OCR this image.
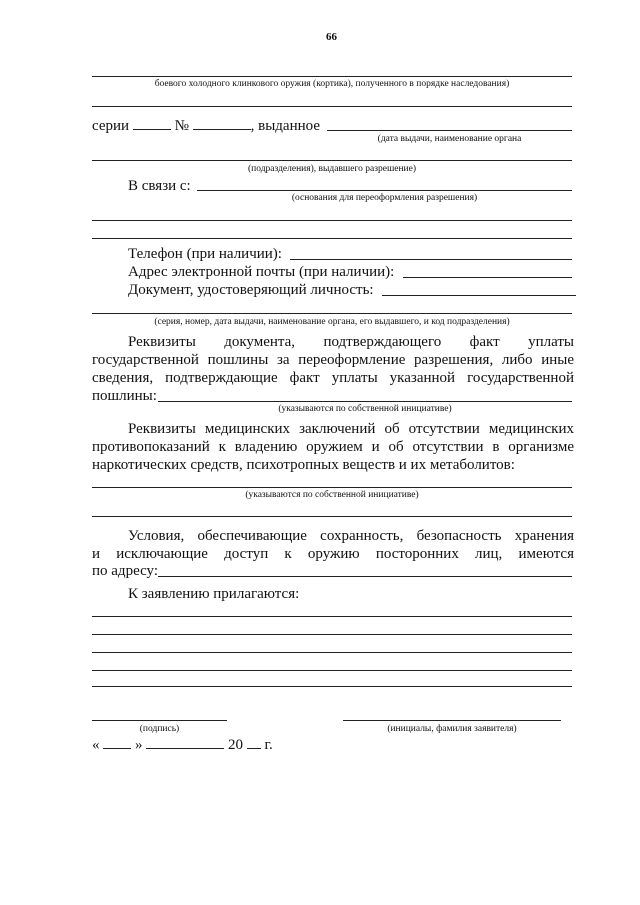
66
боевого холодного клинкового оружия (кортика), полученного в порядке наследования)
серии	№	, выданное
(дата выдачи, наименование органа
(подразделения), выдавшего разрешение)
В связи с:
(основания для переоформления разрешения)
Телефон (при наличии):
Адрес электронной почты (при наличии):
Документ, удостоверяющий личность:
(серия, номер, дата выдачи, наименование органа, его выдавшего, и код подразделения)
Реквизиты документа, подтверждающего факт уплаты
государственной пошлины за переоформление разрешения, либо иные
сведения, подтверждающие факт уплаты указанной государственной
пошлины:
(указываются по собственной инициативе)
Реквизиты медицинских заключений об отсутствии медицинских
противопоказаний к владению оружием и об отсутствии в организме
наркотических средств, психотропных веществ и их метаболитов:
(указываются по собственной инициативе)
Условия, обеспечивающие сохранность, безопасность хранения
и исключающие доступ к оружию посторонних лиц, имеются
по адресу:
К заявлению прилагаются:
(подпись)	(инициалы, фамилия заявителя)
« »	20 г.
